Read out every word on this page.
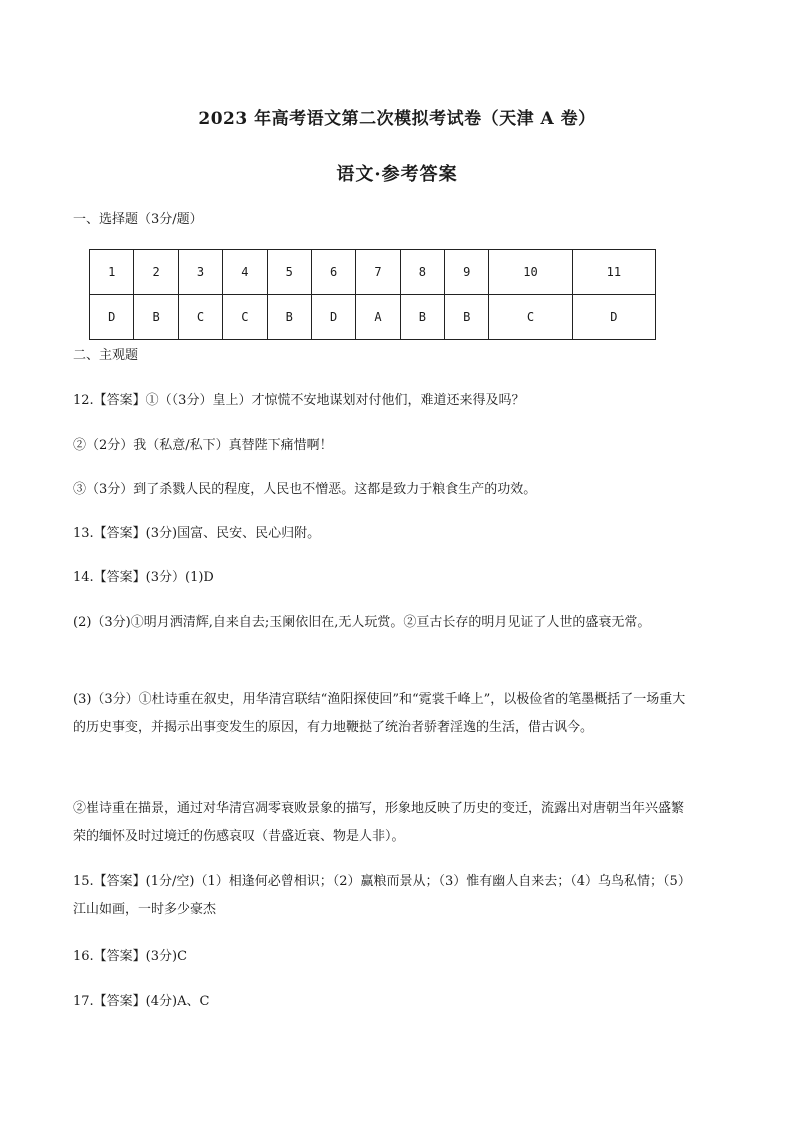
2023 年高考语文第二次模拟考试卷（天津 A 卷）
语文·参考答案
一、选择题（3分/题）
1	2	3	4	5	6	7	8	9	10	11
D	B	C	C	B	D	A	B	B	C	D
二、主观题
12.【答案】①（（3分）皇上）才惊慌不安地谋划对付他们，难道还来得及吗？
②（2分）我（私意/私下）真替陛下痛惜啊！
③（3分）到了杀戮人民的程度，人民也不憎恶。这都是致力于粮食生产的功效。
13.【答案】(3分)国富、民安、民心归附。
14.【答案】(3分）(1)D
(2)（3分)①明月洒清辉,自来自去;玉阑依旧在,无人玩赏。②亘古长存的明月见证了人世的盛衰无常。
(3)（3分）①杜诗重在叙史，用华清宫联结“渔阳探使回”和“霓裳千峰上”，以极俭省的笔墨概括了一场重大的历史事变，并揭示出事变发生的原因，有力地鞭挞了统治者骄奢淫逸的生活，借古讽今。
②崔诗重在描景，通过对华清宫凋零衰败景象的描写，形象地反映了历史的变迁，流露出对唐朝当年兴盛繁荣的缅怀及时过境迁的伤感哀叹（昔盛近衰、物是人非）。
15.【答案】(1分/空)（1）相逢何必曾相识；（2）赢粮而景从；（3）惟有幽人自来去；（4）乌鸟私情；（5）江山如画，一时多少豪杰
16.【答案】(3分)C
17.【答案】(4分)A、C
